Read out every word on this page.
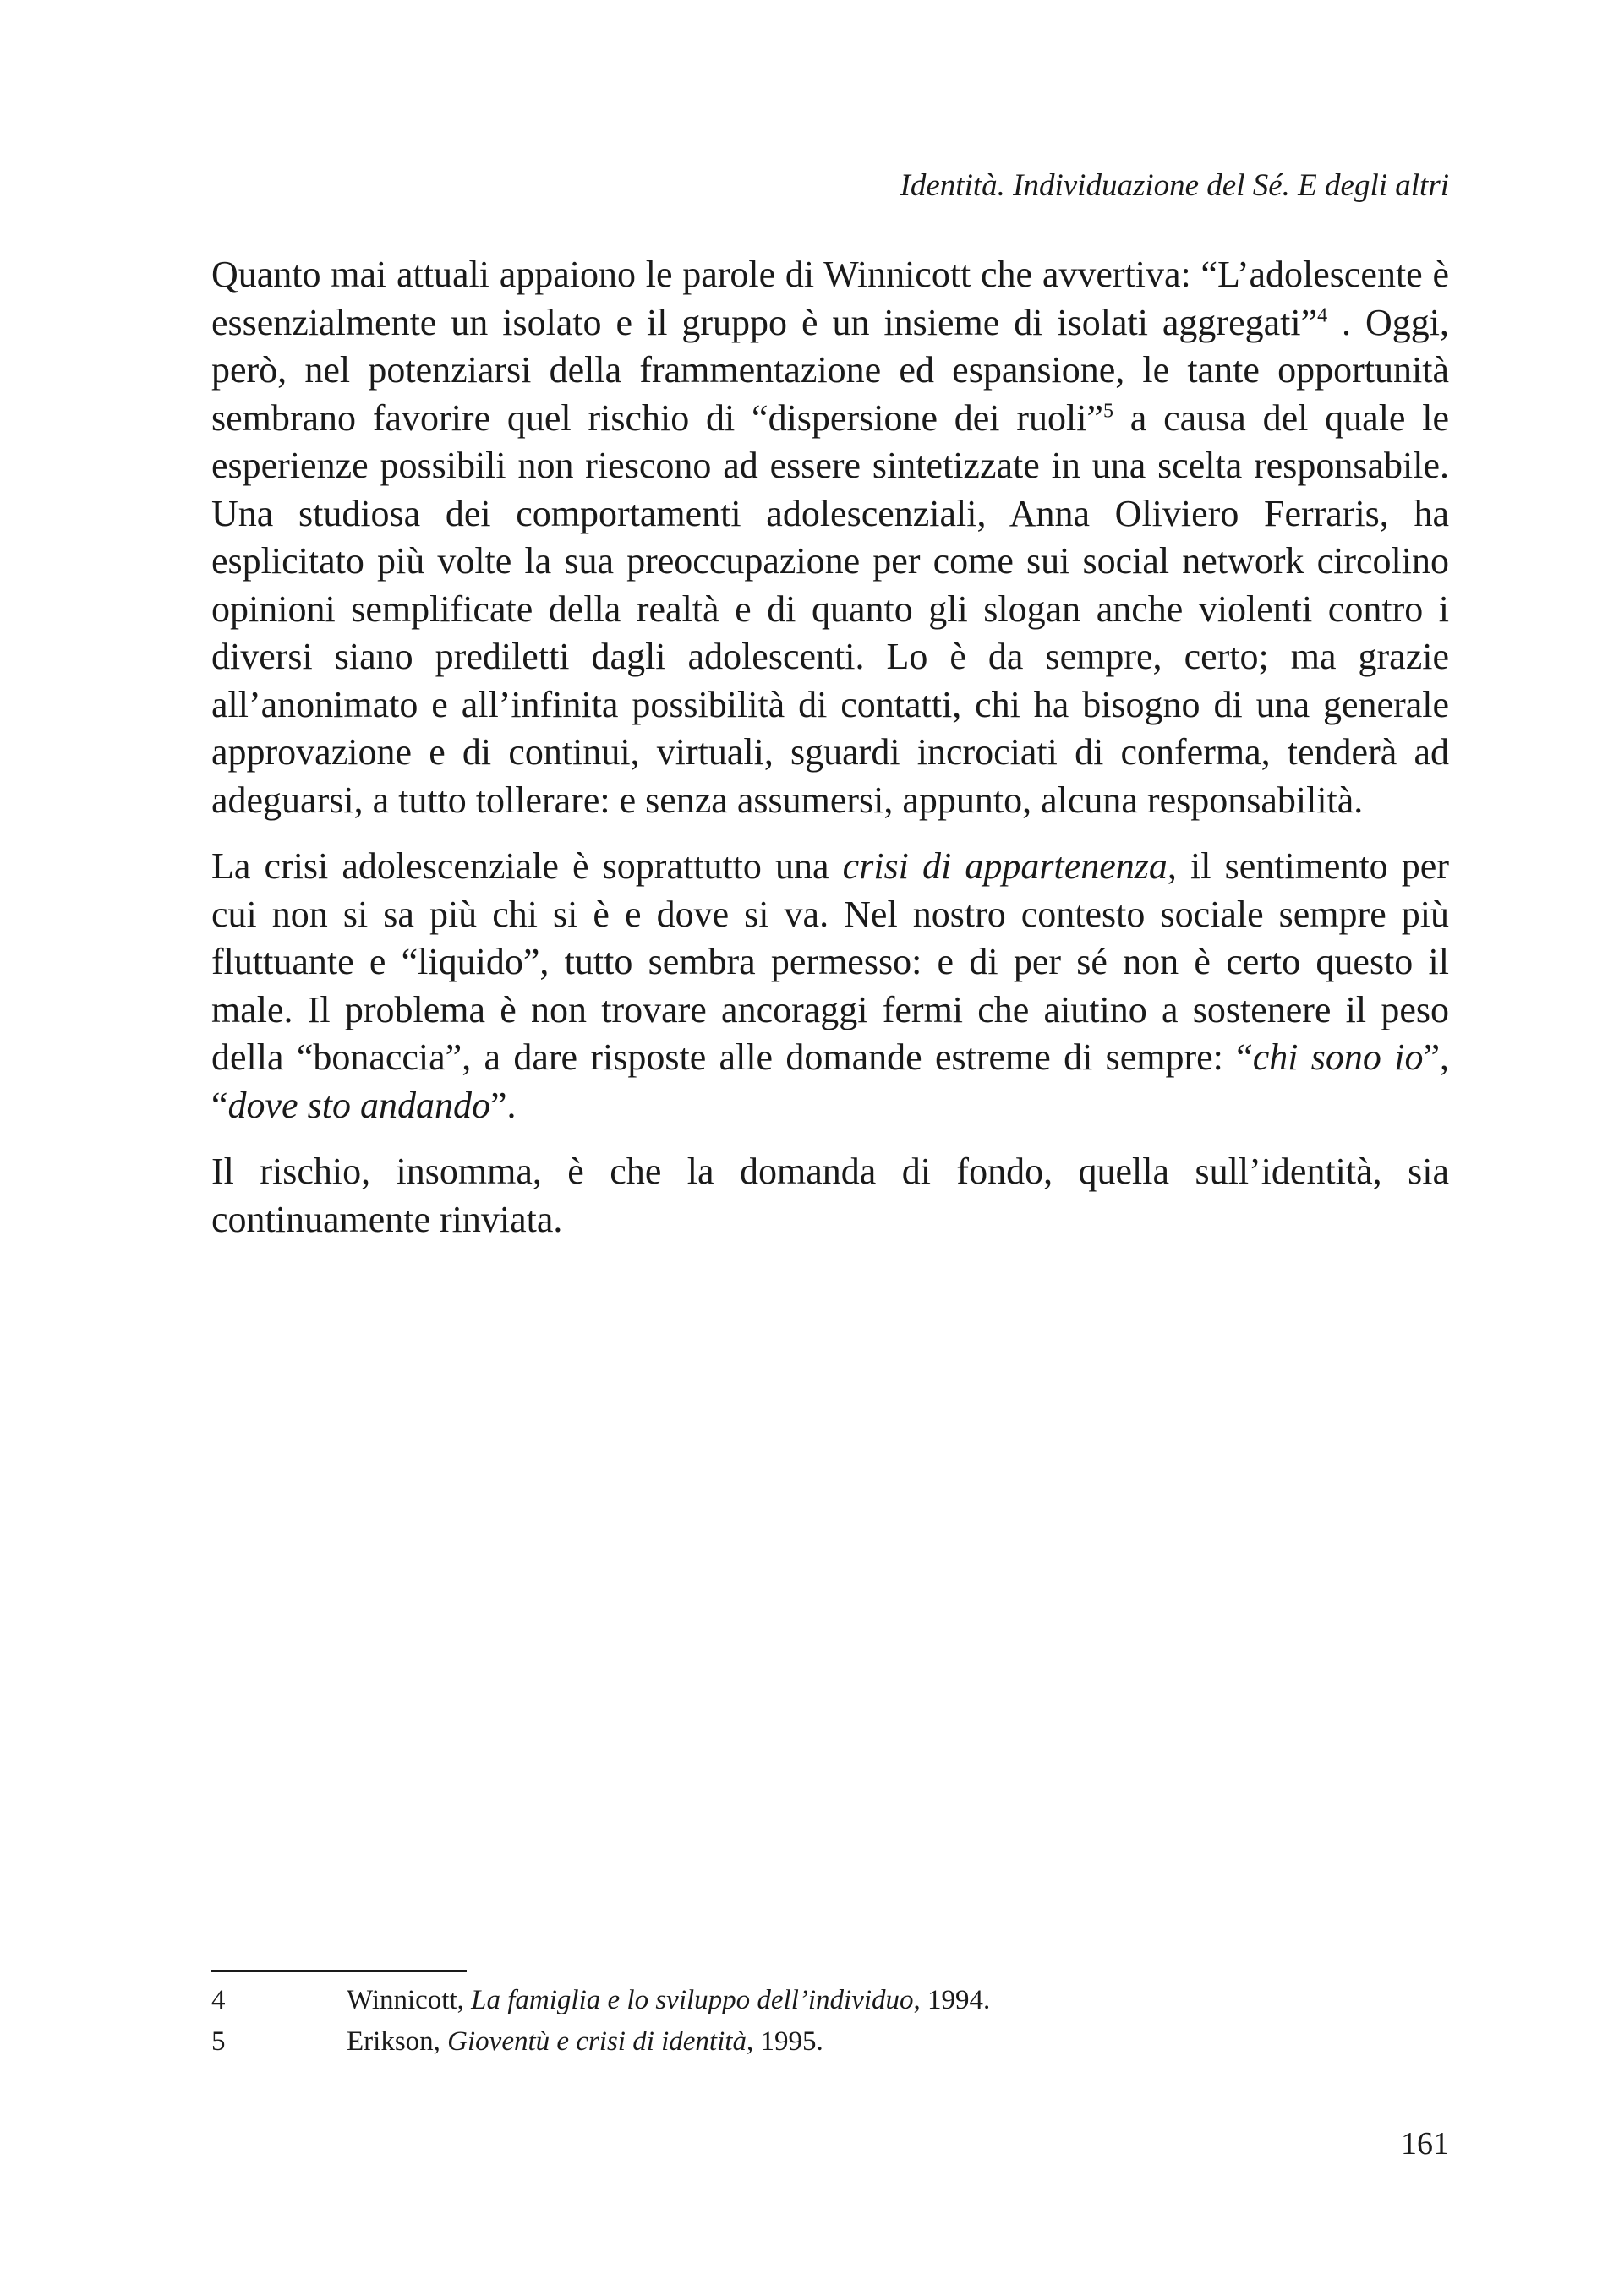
Identità. Individuazione del Sé. E degli altri

Quanto mai attuali appaiono le parole di Winnicott che avvertiva: “L’adolescente è essenzialmente un isolato e il gruppo è un insieme di isolati aggregati”$^4$ . Oggi, però, nel potenziarsi della frammentazione ed espansione, le tante opportunità sembrano favorire quel rischio di “dispersione dei ruoli”$^5$ a causa del quale le esperienze possibili non riescono ad essere sintetizzate in una scelta responsabile. Una studiosa dei comportamenti adolescenziali, Anna Oliviero Ferraris, ha esplicitato più volte la sua preoccupazione per come sui social network circolino opinioni semplificate della realtà e di quanto gli slogan anche violenti contro i diversi siano prediletti dagli adolescenti. Lo è da sempre, certo; ma grazie all’anonimato e all’infinita possibilità di contatti, chi ha bisogno di una generale approvazione e di continui, virtuali, sguardi incrociati di conferma, tenderà ad adeguarsi, a tutto tollerare: e senza assumersi, appunto, alcuna responsabilità.

La crisi adolescenziale è soprattutto una crisi di appartenenza, il sentimento per cui non si sa più chi si è e dove si va. Nel nostro contesto sociale sempre più fluttuante e “liquido”, tutto sembra permesso: e di per sé non è certo questo il male. Il problema è non trovare ancoraggi fermi che aiutino a sostenere il peso della “bonaccia”, a dare risposte alle domande estreme di sempre: “chi sono io”, “dove sto andando”.

Il rischio, insomma, è che la domanda di fondo, quella sull’identità, sia continuamente rinviata.

4	Winnicott, La famiglia e lo sviluppo dell’individuo, 1994.
5	Erikson, Gioventù e crisi di identità, 1995.
161
